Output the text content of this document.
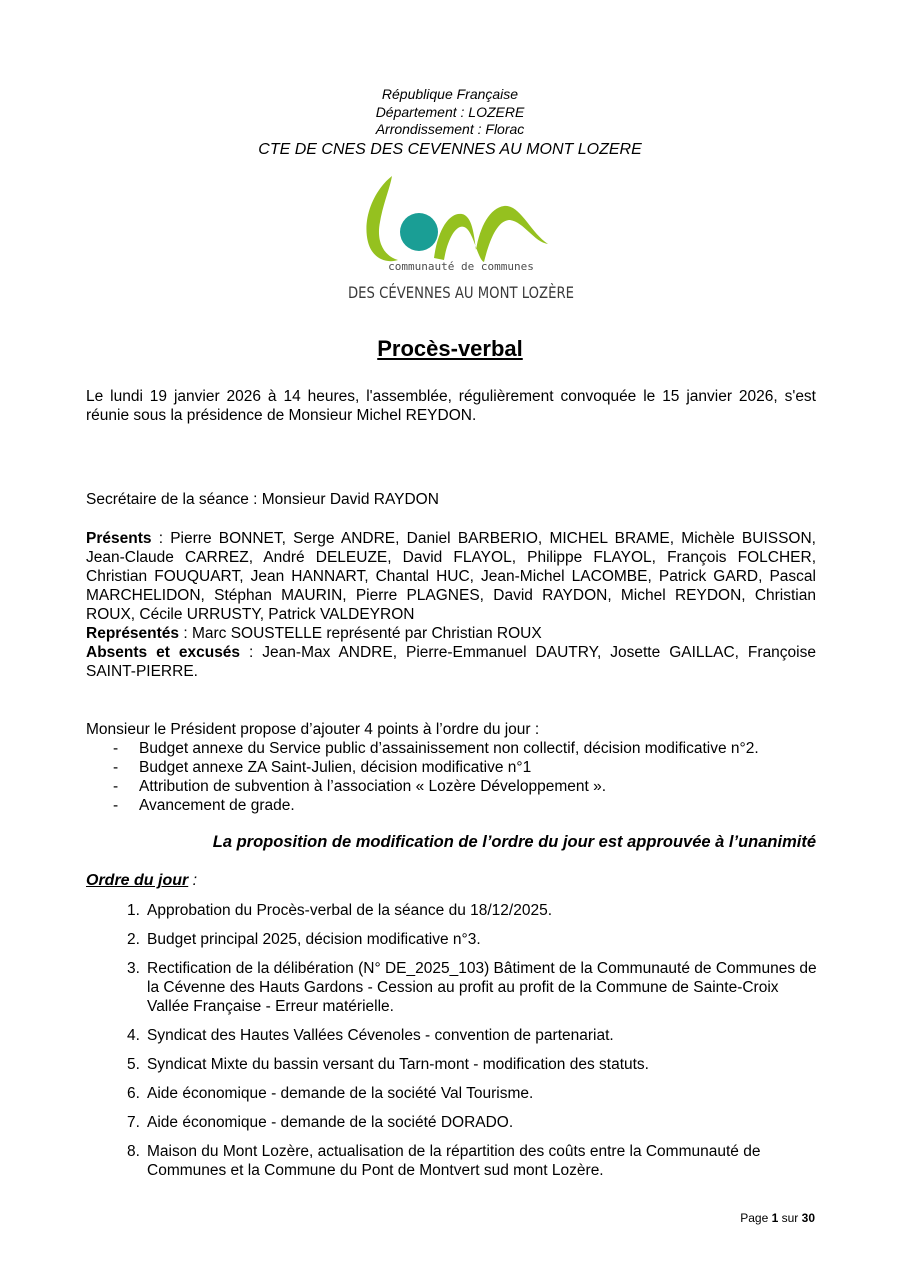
République Française
Département : LOZERE
Arrondissement : Florac
CTE DE CNES DES CEVENNES AU MONT LOZERE
communauté de communes
DES CÉVENNES AU MONT LOZÈRE
Procès-verbal
Le lundi 19 janvier 2026 à 14 heures, l'assemblée, régulièrement convoquée le 15 janvier 2026, s'est réunie sous la présidence de Monsieur Michel REYDON.
Secrétaire de la séance : Monsieur David RAYDON
Présents : Pierre BONNET, Serge ANDRE, Daniel BARBERIO, MICHEL BRAME, Michèle BUISSON, Jean-Claude CARREZ, André DELEUZE, David FLAYOL, Philippe FLAYOL, François FOLCHER, Christian FOUQUART, Jean HANNART, Chantal HUC, Jean-Michel LACOMBE, Patrick GARD, Pascal MARCHELIDON, Stéphan MAURIN, Pierre PLAGNES, David RAYDON, Michel REYDON, Christian ROUX, Cécile URRUSTY, Patrick VALDEYRON
Représentés : Marc SOUSTELLE représenté par Christian ROUX
Absents et excusés : Jean-Max ANDRE, Pierre-Emmanuel DAUTRY, Josette GAILLAC, Françoise SAINT-PIERRE.
Monsieur le Président propose d’ajouter 4 points à l’ordre du jour :
- Budget annexe du Service public d’assainissement non collectif, décision modificative n°2.
- Budget annexe ZA Saint-Julien, décision modificative n°1
- Attribution de subvention à l’association « Lozère Développement ».
- Avancement de grade.
La proposition de modification de l’ordre du jour est approuvée à l’unanimité
Ordre du jour :
1. Approbation du Procès-verbal de la séance du 18/12/2025.
2. Budget principal 2025, décision modificative n°3.
3. Rectification de la délibération (N° DE_2025_103) Bâtiment de la Communauté de Communes de la Cévenne des Hauts Gardons - Cession au profit au profit de la Commune de Sainte-Croix Vallée Française - Erreur matérielle.
4. Syndicat des Hautes Vallées Cévenoles - convention de partenariat.
5. Syndicat Mixte du bassin versant du Tarn-mont - modification des statuts.
6. Aide économique - demande de la société Val Tourisme.
7. Aide économique - demande de la société DORADO.
8. Maison du Mont Lozère, actualisation de la répartition des coûts entre la Communauté de Communes et la Commune du Pont de Montvert sud mont Lozère.
Page 1 sur 30
